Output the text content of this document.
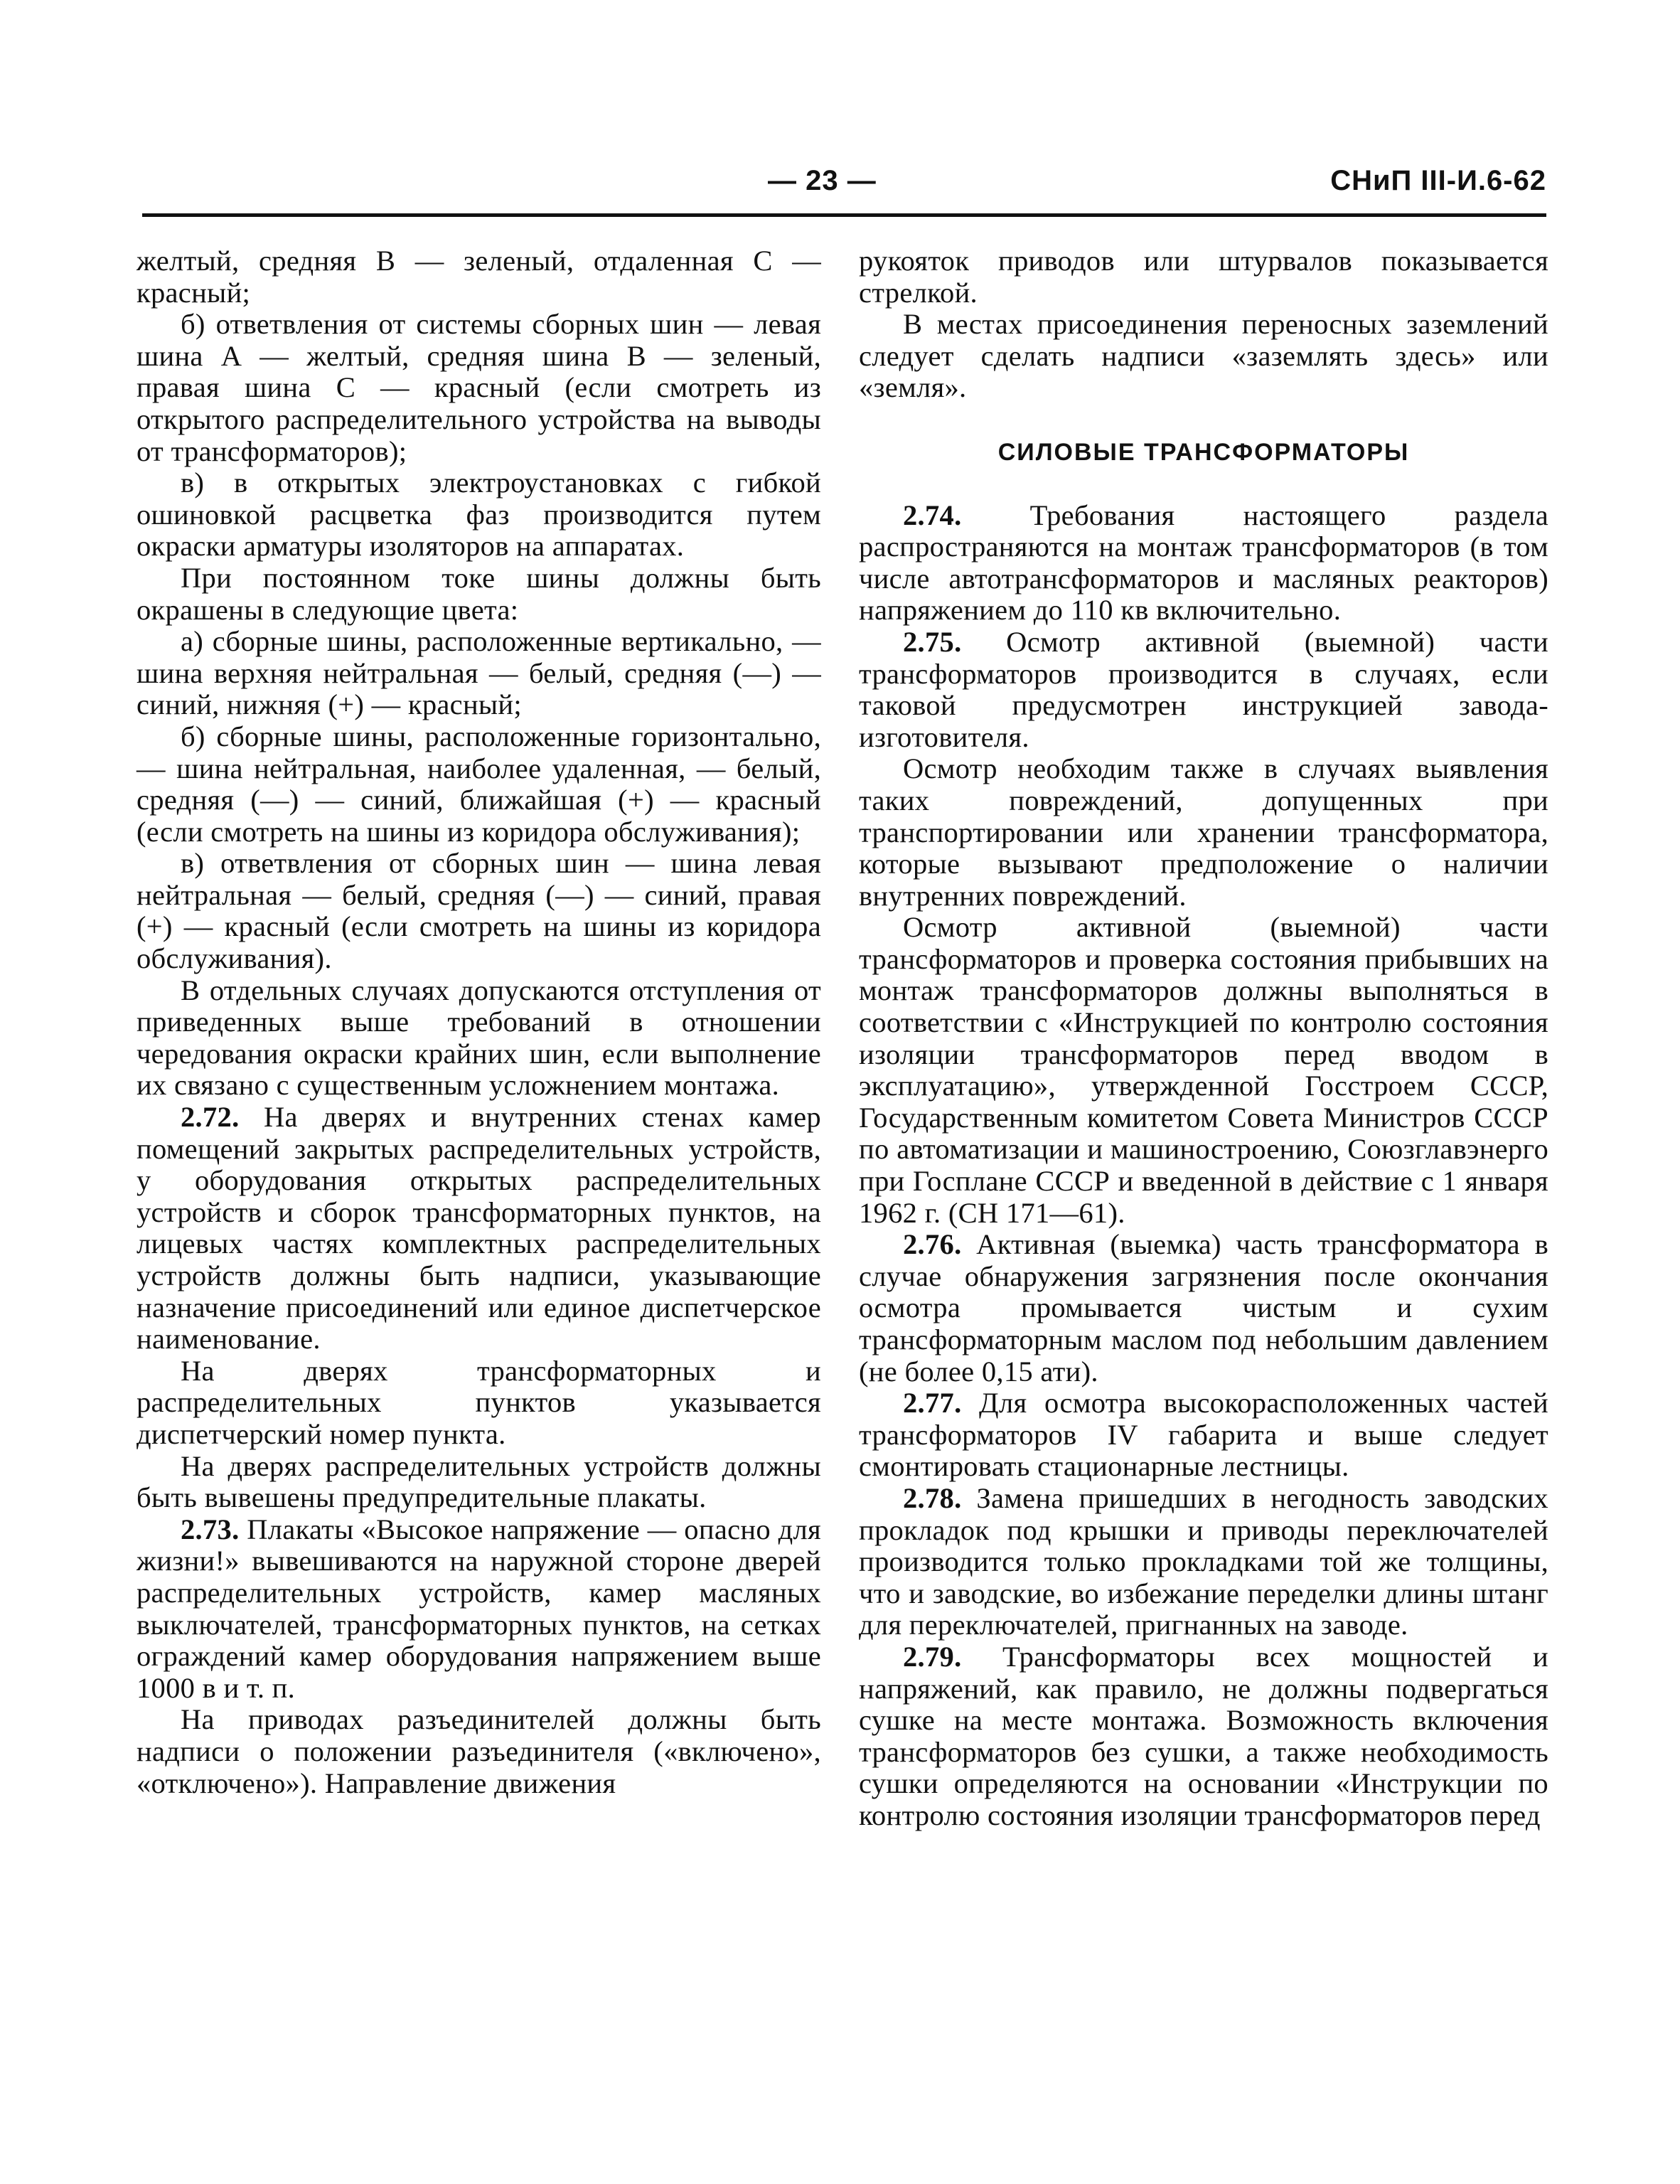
— 23 —	СНиП III-И.6-62

желтый, средняя В — зеленый, отдаленная С — красный;

б) ответвления от системы сборных шин — левая шина А — желтый, средняя шина В — зеленый, правая шина С — красный (если смотреть из открытого распределительного устройства на выводы от трансформаторов);

в) в открытых электроустановках с гибкой ошиновкой расцветка фаз производится путем окраски арматуры изоляторов на аппаратах.

При постоянном токе шины должны быть окрашены в следующие цвета:

а) сборные шины, расположенные вертикально, — шина верхняя нейтральная — белый, средняя (—) — синий, нижняя (+) — красный;

б) сборные шины, расположенные горизонтально, — шина нейтральная, наиболее удаленная, — белый, средняя (—) — синий, ближайшая (+) — красный (если смотреть на шины из коридора обслуживания);

в) ответвления от сборных шин — шина левая нейтральная — белый, средняя (—) — синий, правая (+) — красный (если смотреть на шины из коридора обслуживания).

В отдельных случаях допускаются отступления от приведенных выше требований в отношении чередования окраски крайних шин, если выполнение их связано с существенным усложнением монтажа.

2.72. На дверях и внутренних стенах камер помещений закрытых распределительных устройств, у оборудования открытых распределительных устройств и сборок трансформаторных пунктов, на лицевых частях комплектных распределительных устройств должны быть надписи, указывающие назначение присоединений или единое диспетчерское наименование.

На дверях трансформаторных и распределительных пунктов указывается диспетчерский номер пункта.

На дверях распределительных устройств должны быть вывешены предупредительные плакаты.

2.73. Плакаты «Высокое напряжение — опасно для жизни!» вывешиваются на наружной стороне дверей распределительных устройств, камер масляных выключателей, трансформаторных пунктов, на сетках ограждений камер оборудования напряжением выше 1000 в и т. п.

На приводах разъединителей должны быть надписи о положении разъединителя («включено», «отключено»). Направление движения

рукояток приводов или штурвалов показывается стрелкой.

В местах присоединения переносных заземлений следует сделать надписи «заземлять здесь» или «земля».

СИЛОВЫЕ ТРАНСФОРМАТОРЫ

2.74. Требования настоящего раздела распространяются на монтаж трансформаторов (в том числе автотрансформаторов и масляных реакторов) напряжением до 110 кв включительно.

2.75. Осмотр активной (выемной) части трансформаторов производится в случаях, если таковой предусмотрен инструкцией завода-изготовителя.

Осмотр необходим также в случаях выявления таких повреждений, допущенных при транспортировании или хранении трансформатора, которые вызывают предположение о наличии внутренних повреждений.

Осмотр активной (выемной) части трансформаторов и проверка состояния прибывших на монтаж трансформаторов должны выполняться в соответствии с «Инструкцией по контролю состояния изоляции трансформаторов перед вводом в эксплуатацию», утвержденной Госстроем СССР, Государственным комитетом Совета Министров СССР по автоматизации и машиностроению, Союзглавэнерго при Госплане СССР и введенной в действие с 1 января 1962 г. (СН 171—61).

2.76. Активная (выемка) часть трансформатора в случае обнаружения загрязнения после окончания осмотра промывается чистым и сухим трансформаторным маслом под небольшим давлением (не более 0,15 ати).

2.77. Для осмотра высокорасположенных частей трансформаторов IV габарита и выше следует смонтировать стационарные лестницы.

2.78. Замена пришедших в негодность заводских прокладок под крышки и приводы переключателей производится только прокладками той же толщины, что и заводские, во избежание переделки длины штанг для переключателей, пригнанных на заводе.

2.79. Трансформаторы всех мощностей и напряжений, как правило, не должны подвергаться сушке на месте монтажа. Возможность включения трансформаторов без сушки, а также необходимость сушки определяются на основании «Инструкции по контролю состояния изоляции трансформаторов перед
